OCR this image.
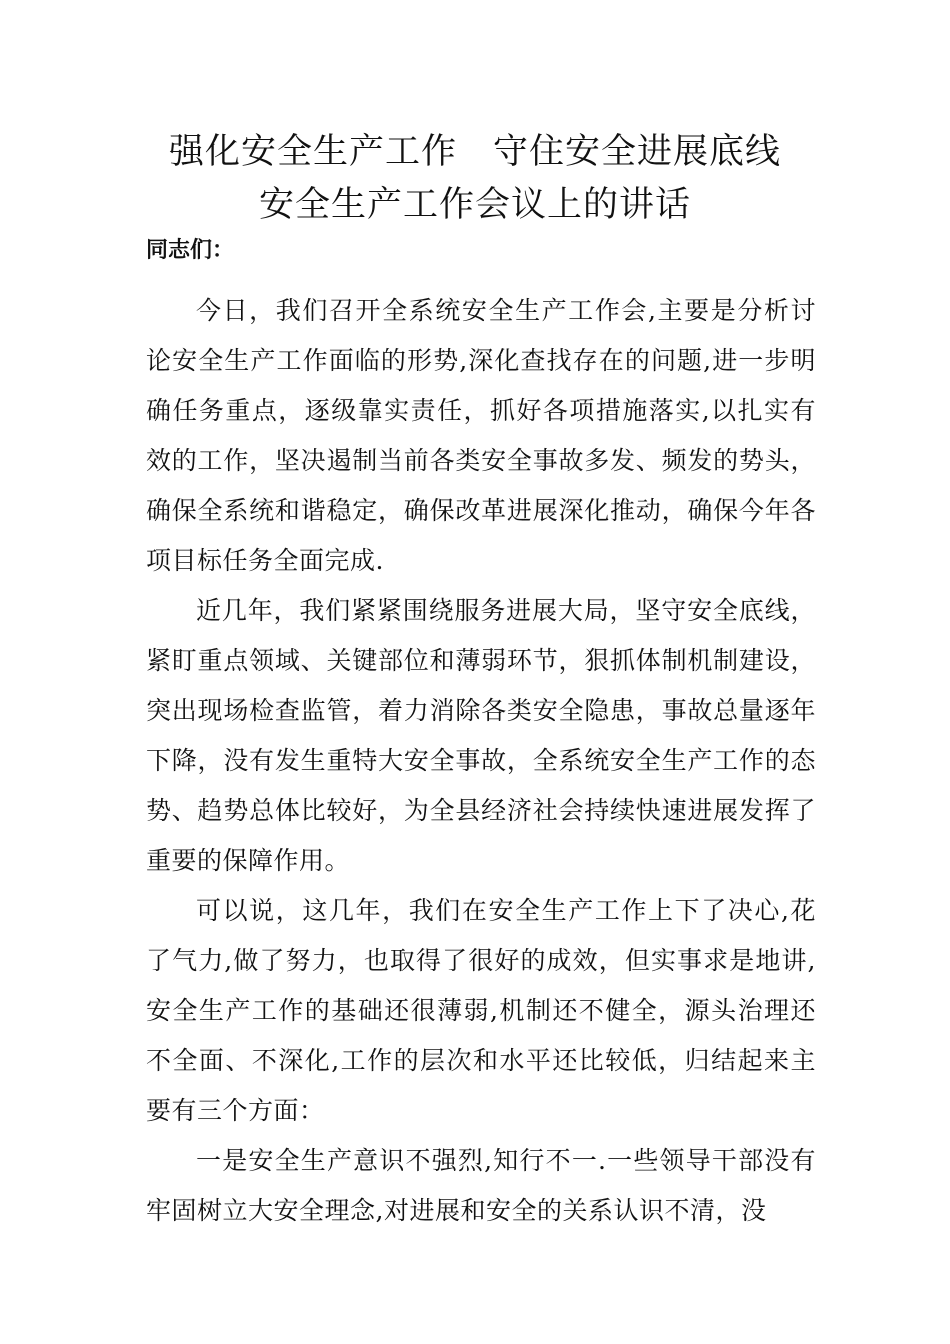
强化安全生产工作　守住安全进展底线
安全生产工作会议上的讲话
同志们：

今日，我们召开全系统安全生产工作会,主要是分析讨论安全生产工作面临的形势,深化查找存在的问题,进一步明确任务重点，逐级靠实责任，抓好各项措施落实,以扎实有效的工作，坚决遏制当前各类安全事故多发、频发的势头，确保全系统和谐稳定，确保改革进展深化推动，确保今年各项目标任务全面完成.

近几年，我们紧紧围绕服务进展大局，坚守安全底线，紧盯重点领域、关键部位和薄弱环节，狠抓体制机制建设，突出现场检查监管，着力消除各类安全隐患，事故总量逐年下降，没有发生重特大安全事故，全系统安全生产工作的态势、趋势总体比较好，为全县经济社会持续快速进展发挥了重要的保障作用。

可以说，这几年，我们在安全生产工作上下了决心,花了气力,做了努力，也取得了很好的成效，但实事求是地讲,安全生产工作的基础还很薄弱,机制还不健全，源头治理还不全面、不深化,工作的层次和水平还比较低，归结起来主要有三个方面：

一是安全生产意识不强烈,知行不一.一些领导干部没有牢固树立大安全理念,对进展和安全的关系认识不清，没
